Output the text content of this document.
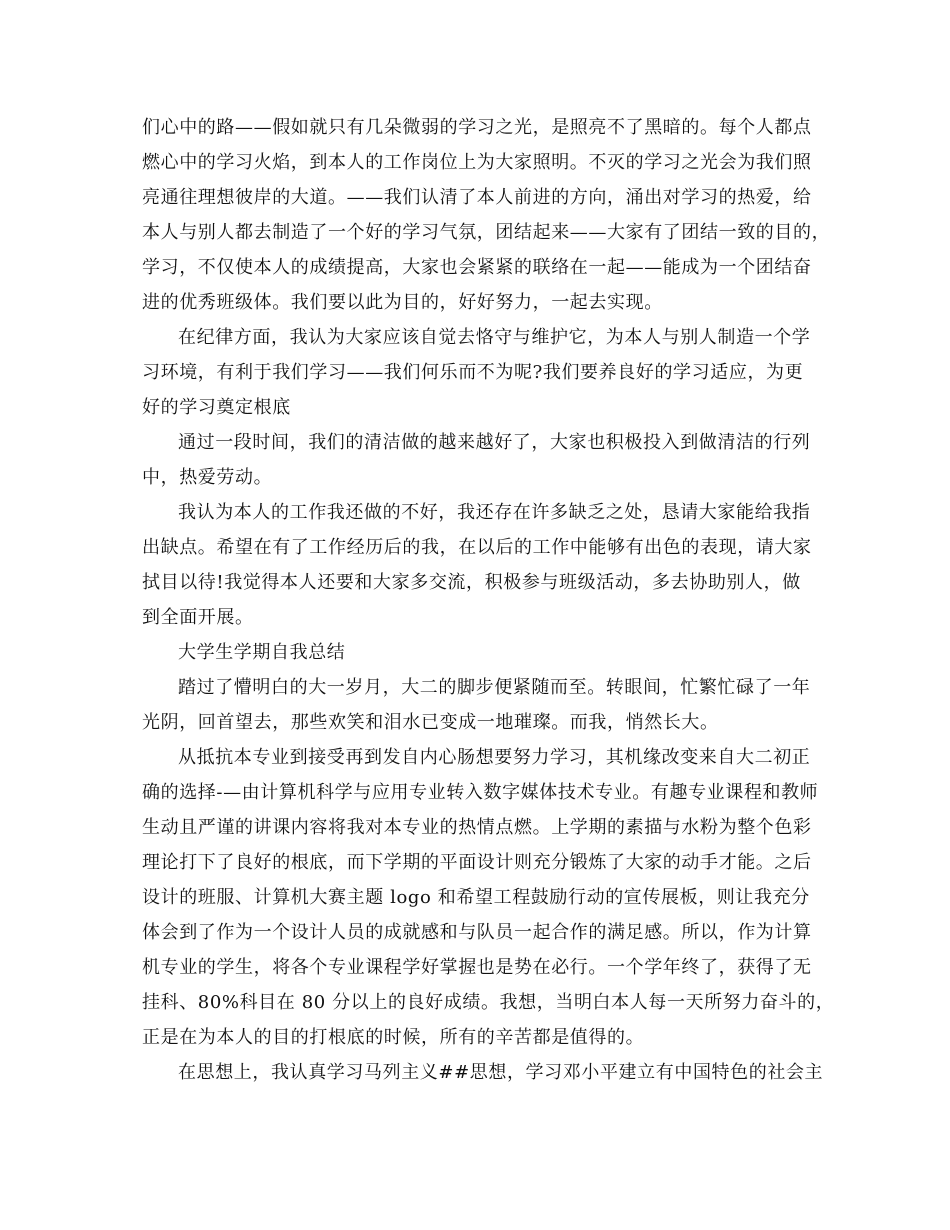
们心中的路——假如就只有几朵微弱的学习之光，是照亮不了黑暗的。每个人都点
燃心中的学习火焰，到本人的工作岗位上为大家照明。不灭的学习之光会为我们照
亮通往理想彼岸的大道。——我们认清了本人前进的方向，涌出对学习的热爱，给
本人与别人都去制造了一个好的学习气氛，团结起来——大家有了团结一致的目的，
学习，不仅使本人的成绩提高，大家也会紧紧的联络在一起——能成为一个团结奋
进的优秀班级体。我们要以此为目的，好好努力，一起去实现。
在纪律方面，我认为大家应该自觉去恪守与维护它，为本人与别人制造一个学
习环境，有利于我们学习——我们何乐而不为呢?我们要养良好的学习适应，为更
好的学习奠定根底
通过一段时间，我们的清洁做的越来越好了，大家也积极投入到做清洁的行列
中，热爱劳动。
我认为本人的工作我还做的不好，我还存在许多缺乏之处，恳请大家能给我指
出缺点。希望在有了工作经历后的我，在以后的工作中能够有出色的表现，请大家
拭目以待!我觉得本人还要和大家多交流，积极参与班级活动，多去协助别人，做
到全面开展。
大学生学期自我总结
踏过了懵明白的大一岁月，大二的脚步便紧随而至。转眼间，忙繁忙碌了一年
光阴，回首望去，那些欢笑和泪水已变成一地璀璨。而我，悄然长大。
从抵抗本专业到接受再到发自内心肠想要努力学习，其机缘改变来自大二初正
确的选择-—由计算机科学与应用专业转入数字媒体技术专业。有趣专业课程和教师
生动且严谨的讲课内容将我对本专业的热情点燃。上学期的素描与水粉为整个色彩
理论打下了良好的根底，而下学期的平面设计则充分锻炼了大家的动手才能。之后
设计的班服、计算机大赛主题 logo 和希望工程鼓励行动的宣传展板，则让我充分
体会到了作为一个设计人员的成就感和与队员一起合作的满足感。所以，作为计算
机专业的学生，将各个专业课程学好掌握也是势在必行。一个学年终了，获得了无
挂科、80%科目在 80 分以上的良好成绩。我想，当明白本人每一天所努力奋斗的，
正是在为本人的目的打根底的时候，所有的辛苦都是值得的。
在思想上，我认真学习马列主义##思想，学习邓小平建立有中国特色的社会主
